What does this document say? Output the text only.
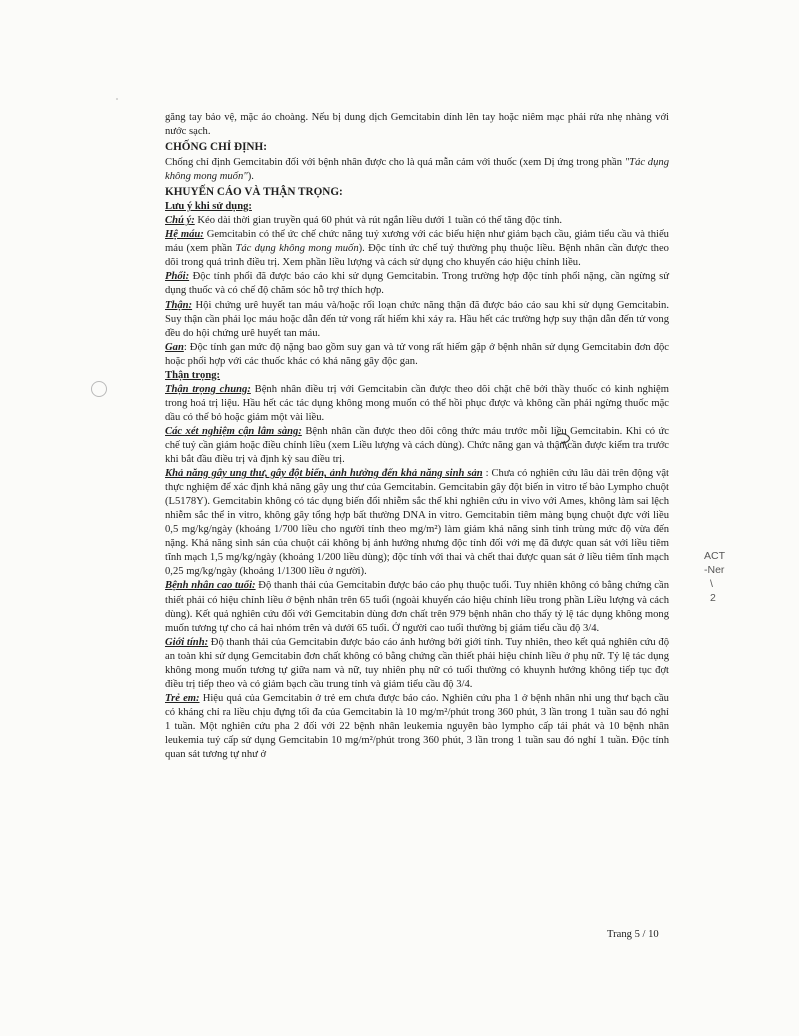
găng tay bảo vệ, mặc áo choàng. Nếu bị dung dịch Gemcitabin dính lên tay hoặc niêm mạc phải rửa nhẹ nhàng với nước sạch.

CHỐNG CHỈ ĐỊNH:

Chống chỉ định Gemcitabin đối với bệnh nhân được cho là quá mẫn cảm với thuốc (xem Dị ứng trong phần "Tác dụng không mong muốn").

KHUYẾN CÁO VÀ THẬN TRỌNG:

Lưu ý khi sử dụng:

Chú ý: Kéo dài thời gian truyền quá 60 phút và rút ngắn liều dưới 1 tuần có thể tăng độc tính.

Hệ máu: Gemcitabin có thể ức chế chức năng tuỷ xương với các biểu hiện như giảm bạch cầu, giảm tiểu cầu và thiếu máu (xem phần Tác dụng không mong muốn). Độc tính ức chế tuỷ thường phụ thuộc liều. Bệnh nhân cần được theo dõi trong quá trình điều trị. Xem phần liều lượng và cách sử dụng cho khuyến cáo hiệu chỉnh liều.

Phổi: Độc tính phổi đã được báo cáo khi sử dụng Gemcitabin. Trong trường hợp độc tính phổi nặng, cần ngừng sử dụng thuốc và có chế độ chăm sóc hỗ trợ thích hợp.

Thận: Hội chứng urê huyết tan máu và/hoặc rối loạn chức năng thận đã được báo cáo sau khi sử dụng Gemcitabin. Suy thận cần phải lọc máu hoặc dẫn đến tử vong rất hiếm khi xảy ra. Hầu hết các trường hợp suy thận dẫn đến tử vong đều do hội chứng urê huyết tan máu.

Gan: Độc tính gan mức độ nặng bao gồm suy gan và tử vong rất hiếm gặp ở bệnh nhân sử dụng Gemcitabin đơn độc hoặc phối hợp với các thuốc khác có khả năng gây độc gan.

Thận trọng:

Thận trọng chung: Bệnh nhân điều trị với Gemcitabin cần được theo dõi chặt chẽ bởi thầy thuốc có kinh nghiệm trong hoá trị liệu. Hầu hết các tác dụng không mong muốn có thể hồi phục được và không cần phải ngừng thuốc mặc dầu có thể bỏ hoặc giảm một vài liều.

Các xét nghiệm cận lâm sàng: Bệnh nhân cần được theo dõi công thức máu trước mỗi liều Gemcitabin. Khi có ức chế tuỷ cần giảm hoặc điều chỉnh liều (xem Liều lượng và cách dùng). Chức năng gan và thận cần được kiểm tra trước khi bắt đầu điều trị và định kỳ sau điều trị.

Khả năng gây ung thư, gây đột biến, ảnh hưởng đến khả năng sinh sản : Chưa có nghiên cứu lâu dài trên động vật thực nghiệm để xác định khả năng gây ung thư của Gemcitabin. Gemcitabin gây đột biến in vitro tế bào Lympho chuột (L5178Y). Gemcitabin không có tác dụng biến đổi nhiễm sắc thể khi nghiên cứu in vivo với Ames, không làm sai lệch nhiễm sắc thể in vitro, không gây tổng hợp bất thường DNA in vitro. Gemcitabin tiêm màng bụng chuột đực với liều 0,5 mg/kg/ngày (khoảng 1/700 liều cho người tính theo mg/m²) làm giảm khả năng sinh tinh trùng mức độ vừa đến nặng. Khả năng sinh sản của chuột cái không bị ảnh hưởng nhưng độc tính đối với mẹ đã được quan sát với liều tiêm tĩnh mạch 1,5 mg/kg/ngày (khoảng 1/200 liều dùng); độc tính với thai và chết thai được quan sát ở liều tiêm tĩnh mạch 0,25 mg/kg/ngày (khoảng 1/1300 liều ở người).

Bệnh nhân cao tuổi: Độ thanh thải của Gemcitabin được báo cáo phụ thuộc tuổi. Tuy nhiên không có bằng chứng cần thiết phải có hiệu chỉnh liều ở bệnh nhân trên 65 tuổi (ngoài khuyến cáo hiệu chỉnh liều trong phần Liều lượng và cách dùng). Kết quả nghiên cứu đối với Gemcitabin dùng đơn chất trên 979 bệnh nhân cho thấy tỷ lệ tác dụng không mong muốn tương tự cho cả hai nhóm trên và dưới 65 tuổi. Ở người cao tuổi thường bị giảm tiểu cầu độ 3/4.

Giới tính: Độ thanh thải của Gemcitabin được báo cáo ảnh hưởng bởi giới tính. Tuy nhiên, theo kết quả nghiên cứu độ an toàn khi sử dụng Gemcitabin đơn chất không có bằng chứng cần thiết phải hiệu chỉnh liều ở phụ nữ. Tỷ lệ tác dụng không mong muốn tương tự giữa nam và nữ, tuy nhiên phụ nữ có tuổi thường có khuynh hướng không tiếp tục đợt điều trị tiếp theo và có giảm bạch cầu trung tính và giảm tiểu cầu độ 3/4.

Trẻ em: Hiệu quả của Gemcitabin ở trẻ em chưa được báo cáo. Nghiên cứu pha 1 ở bệnh nhân nhi ung thư bạch cầu có kháng chỉ ra liều chịu đựng tối đa của Gemcitabin là 10 mg/m²/phút trong 360 phút, 3 lần trong 1 tuần sau đó nghỉ 1 tuần. Một nghiên cứu pha 2 đối với 22 bệnh nhân leukemia nguyên bào lympho cấp tái phát và 10 bệnh nhân leukemia tuỷ cấp sử dụng Gemcitabin 10 mg/m²/phút trong 360 phút, 3 lần trong 1 tuần sau đó nghỉ 1 tuần. Độc tính quan sát tương tự như ở

ACT
-Ner
\
2
Trang 5 / 10
